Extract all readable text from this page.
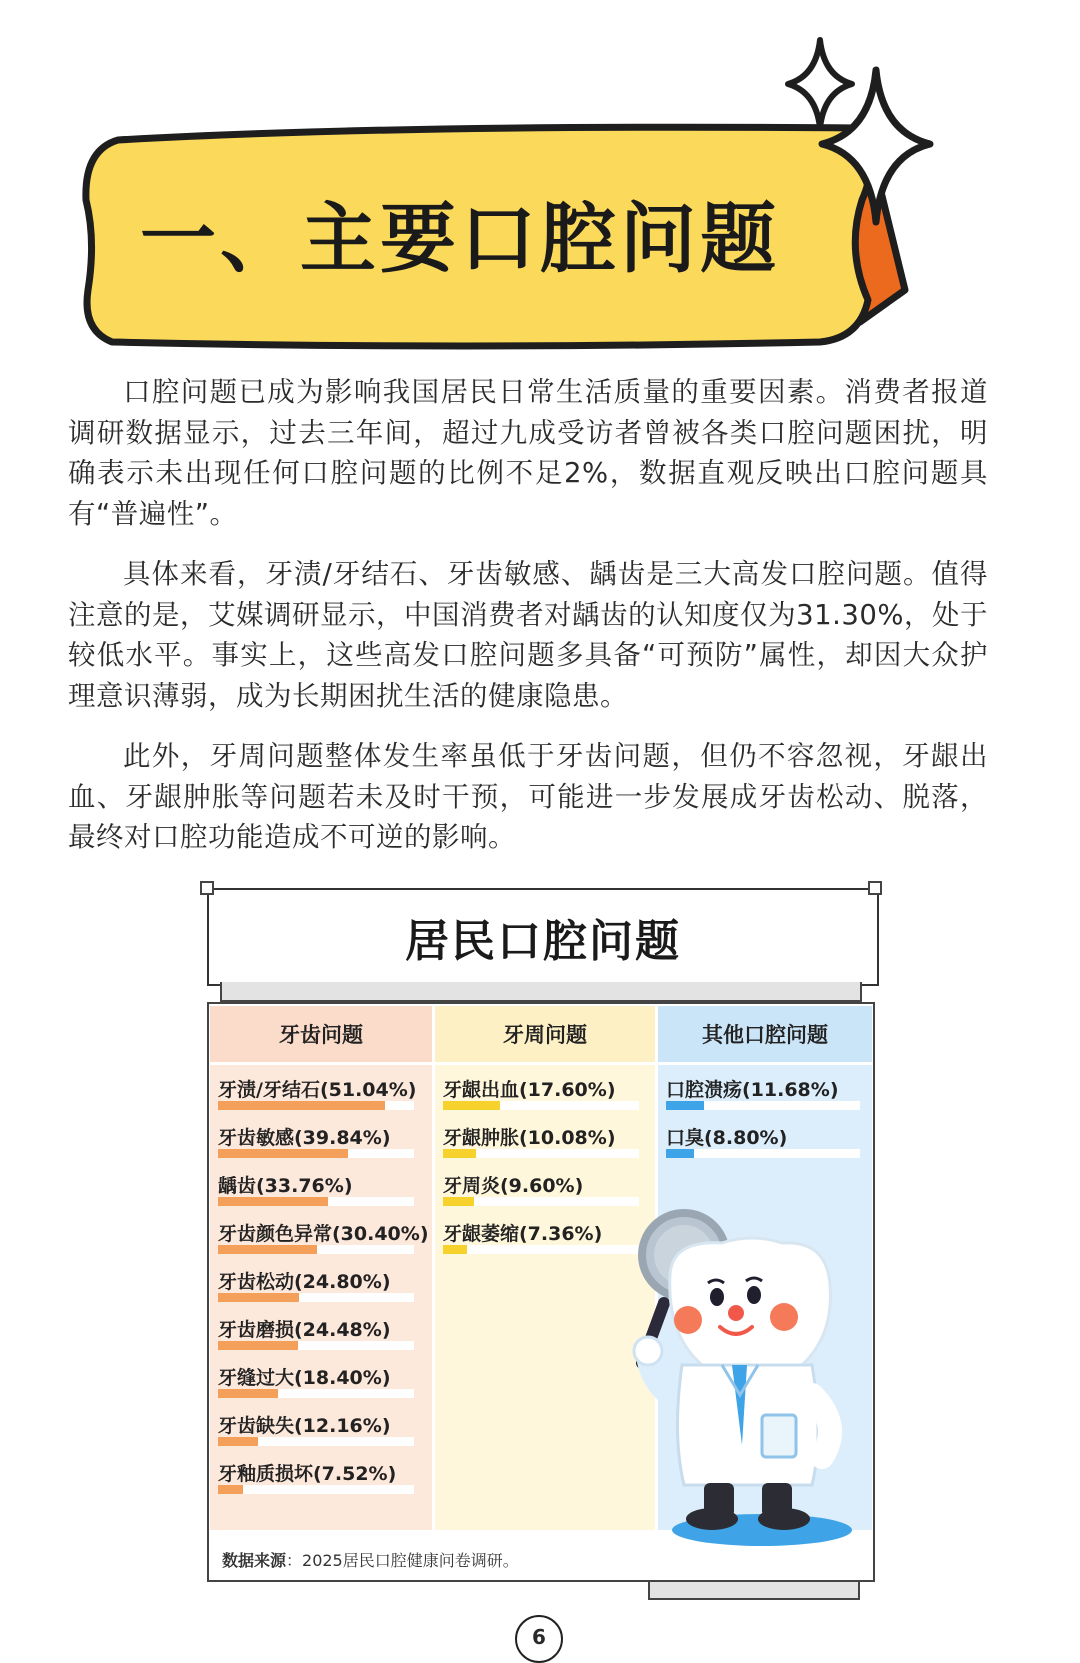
一、主要口腔问题

口腔问题已成为影响我国居民日常生活质量的重要因素。消费者报道调研数据显示，过去三年间，超过九成受访者曾被各类口腔问题困扰，明确表示未出现任何口腔问题的比例不足2%，数据直观反映出口腔问题具有“普遍性”。

具体来看，牙渍/牙结石、牙齿敏感、龋齿是三大高发口腔问题。值得注意的是，艾媒调研显示，中国消费者对龋齿的认知度仅为31.30%，处于较低水平。事实上，这些高发口腔问题多具备“可预防”属性，却因大众护理意识薄弱，成为长期困扰生活的健康隐患。

此外，牙周问题整体发生率虽低于牙齿问题，但仍不容忽视，牙龈出血、牙龈肿胀等问题若未及时干预，可能进一步发展成牙齿松动、脱落，最终对口腔功能造成不可逆的影响。

居民口腔问题
牙齿问题
牙渍/牙结石(51.04%)
牙齿敏感(39.84%)
龋齿(33.76%)
牙齿颜色异常(30.40%)
牙齿松动(24.80%)
牙齿磨损(24.48%)
牙缝过大(18.40%)
牙齿缺失(12.16%)
牙釉质损坏(7.52%)
牙周问题
牙龈出血(17.60%)
牙龈肿胀(10.08%)
牙周炎(9.60%)
牙龈萎缩(7.36%)
其他口腔问题
口腔溃疡(11.68%)
口臭(8.80%)
数据来源：2025居民口腔健康问卷调研。
6
